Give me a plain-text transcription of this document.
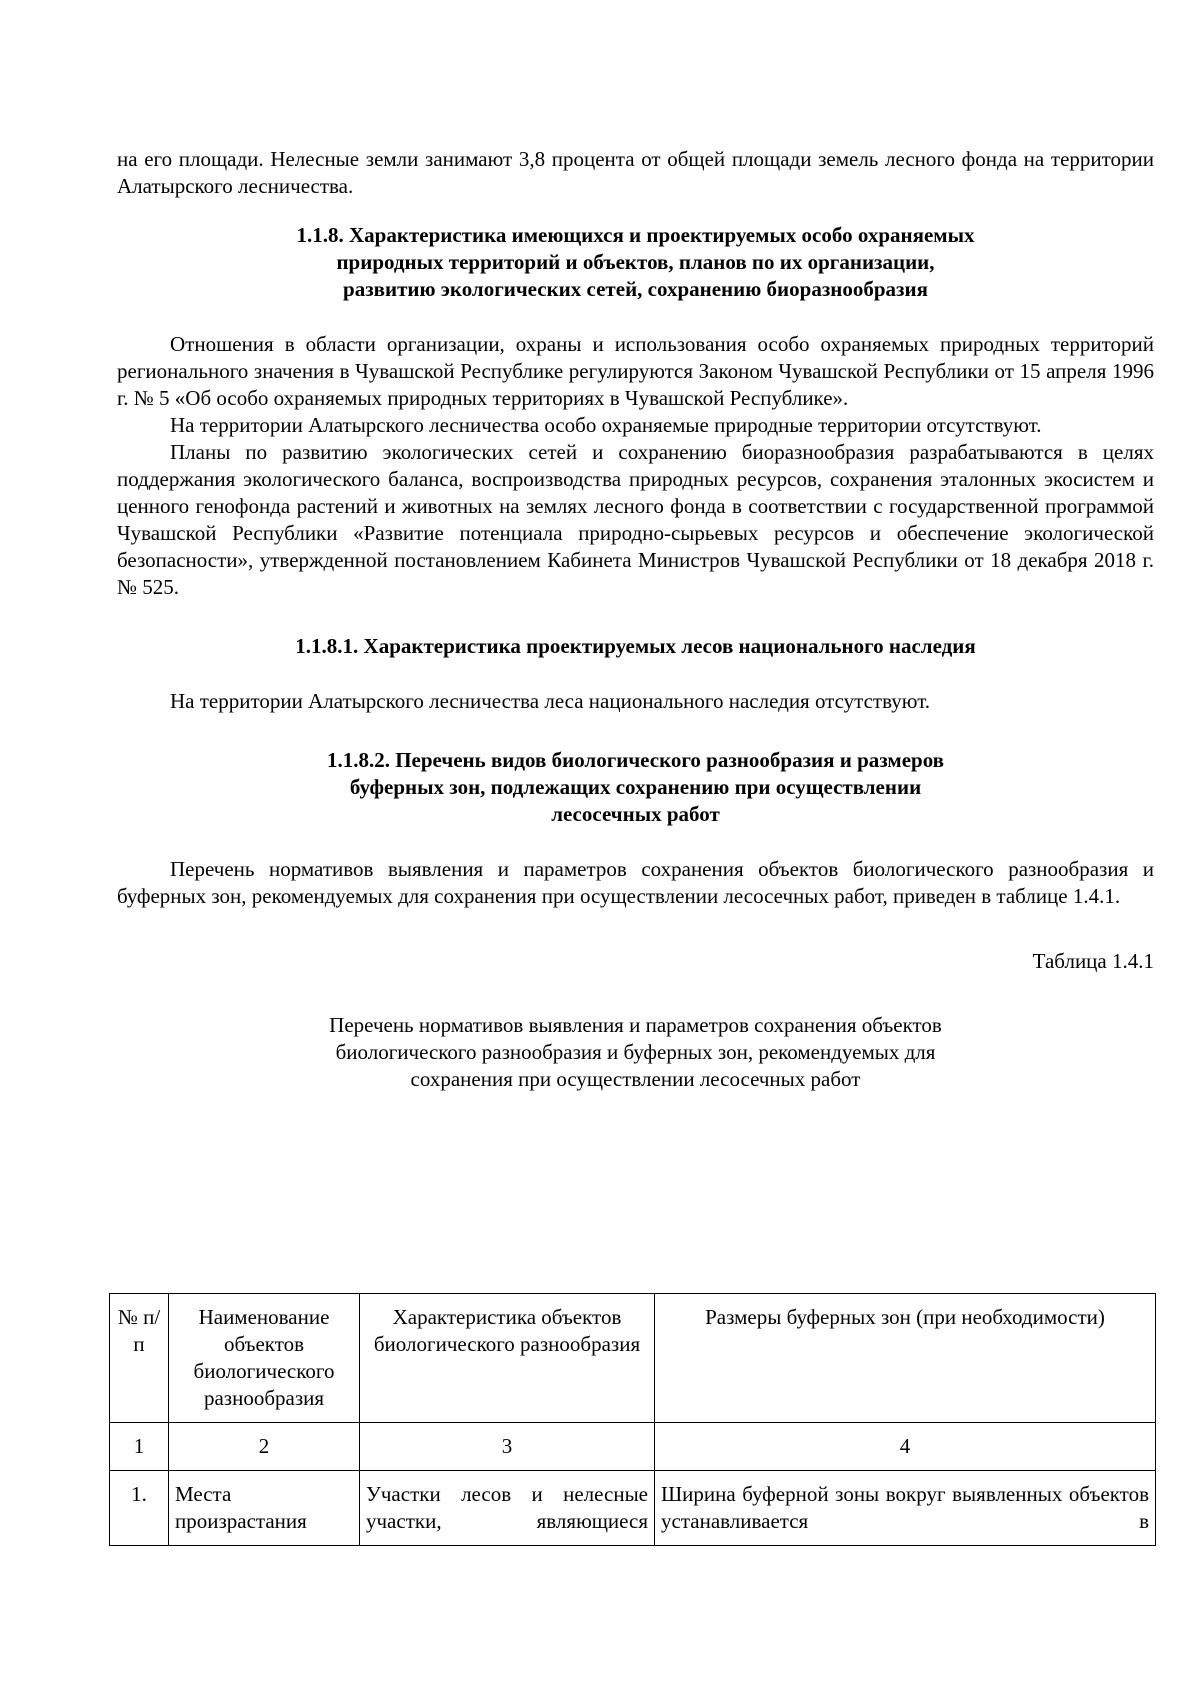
на его площади. Нелесные земли занимают 3,8 процента от общей площади земель лесного фонда на территории Алатырского лесничества.

1.1.8. Характеристика имеющихся и проектируемых особо охраняемых природных территорий и объектов, планов по их организации, развитию экологических сетей, сохранению биоразнообразия

Отношения в области организации, охраны и использования особо охраняемых природных территорий регионального значения в Чувашской Республике регулируются Законом Чувашской Республики от 15 апреля 1996 г. № 5 «Об особо охраняемых природных территориях в Чувашской Республике».

На территории Алатырского лесничества особо охраняемые природные территории отсутствуют.

Планы по развитию экологических сетей и сохранению биоразнообразия разрабатываются в целях поддержания экологического баланса, воспроизводства природных ресурсов, сохранения эталонных экосистем и ценного генофонда растений и животных на землях лесного фонда в соответствии с государственной программой Чувашской Республики «Развитие потенциала природно-сырьевых ресурсов и обеспечение экологической безопасности», утвержденной постановлением Кабинета Министров Чувашской Республики от 18 декабря 2018 г. № 525.

1.1.8.1. Характеристика проектируемых лесов национального наследия

На территории Алатырского лесничества леса национального наследия отсутствуют.

1.1.8.2. Перечень видов биологического разнообразия и размеров буферных зон, подлежащих сохранению при осуществлении лесосечных работ

Перечень нормативов выявления и параметров сохранения объектов биологического разнообразия и буферных зон, рекомендуемых для сохранения при осуществлении лесосечных работ, приведен в таблице 1.4.1.

Таблица 1.4.1

Перечень нормативов выявления и параметров сохранения объектов биологического разнообразия и буферных зон, рекомендуемых для сохранения при осуществлении лесосечных работ

№ п/п	Наименование объектов биологического разнообразия	Характеристика объектов биологического разнообразия	Размеры буферных зон (при необходимости)
1	2	3	4
1.	Места произрастания	Участки лесов и нелесные участки, являющиеся	Ширина буферной зоны вокруг выявленных объектов устанавливается в
